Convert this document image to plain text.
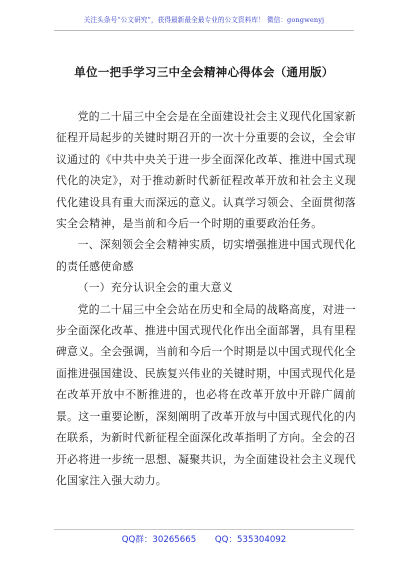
关注头条号“公文研究”，获得最新最全最专业的公文资料库！ 微信：gongwenyj
单位一把手学习三中全会精神心得体会（通用版）

党的二十届三中全会是在全面建设社会主义现代化国家新征程开局起步的关键时期召开的一次十分重要的会议，全会审议通过的《中共中央关于进一步全面深化改革、推进中国式现代化的决定》，对于推动新时代新征程改革开放和社会主义现代化建设具有重大而深远的意义。认真学习领会、全面贯彻落实全会精神，是当前和今后一个时期的重要政治任务。

一、深刻领会全会精神实质，切实增强推进中国式现代化的责任感使命感

（一）充分认识全会的重大意义

党的二十届三中全会站在历史和全局的战略高度，对进一步全面深化改革、推进中国式现代化作出全面部署，具有里程碑意义。全会强调，当前和今后一个时期是以中国式现代化全面推进强国建设、民族复兴伟业的关键时期，中国式现代化是在改革开放中不断推进的，也必将在改革开放中开辟广阔前景。这一重要论断，深刻阐明了改革开放与中国式现代化的内在联系，为新时代新征程全面深化改革指明了方向。全会的召开必将进一步统一思想、凝聚共识，为全面建设社会主义现代化国家注入强大动力。

QQ群：30265665 QQ：535304092
